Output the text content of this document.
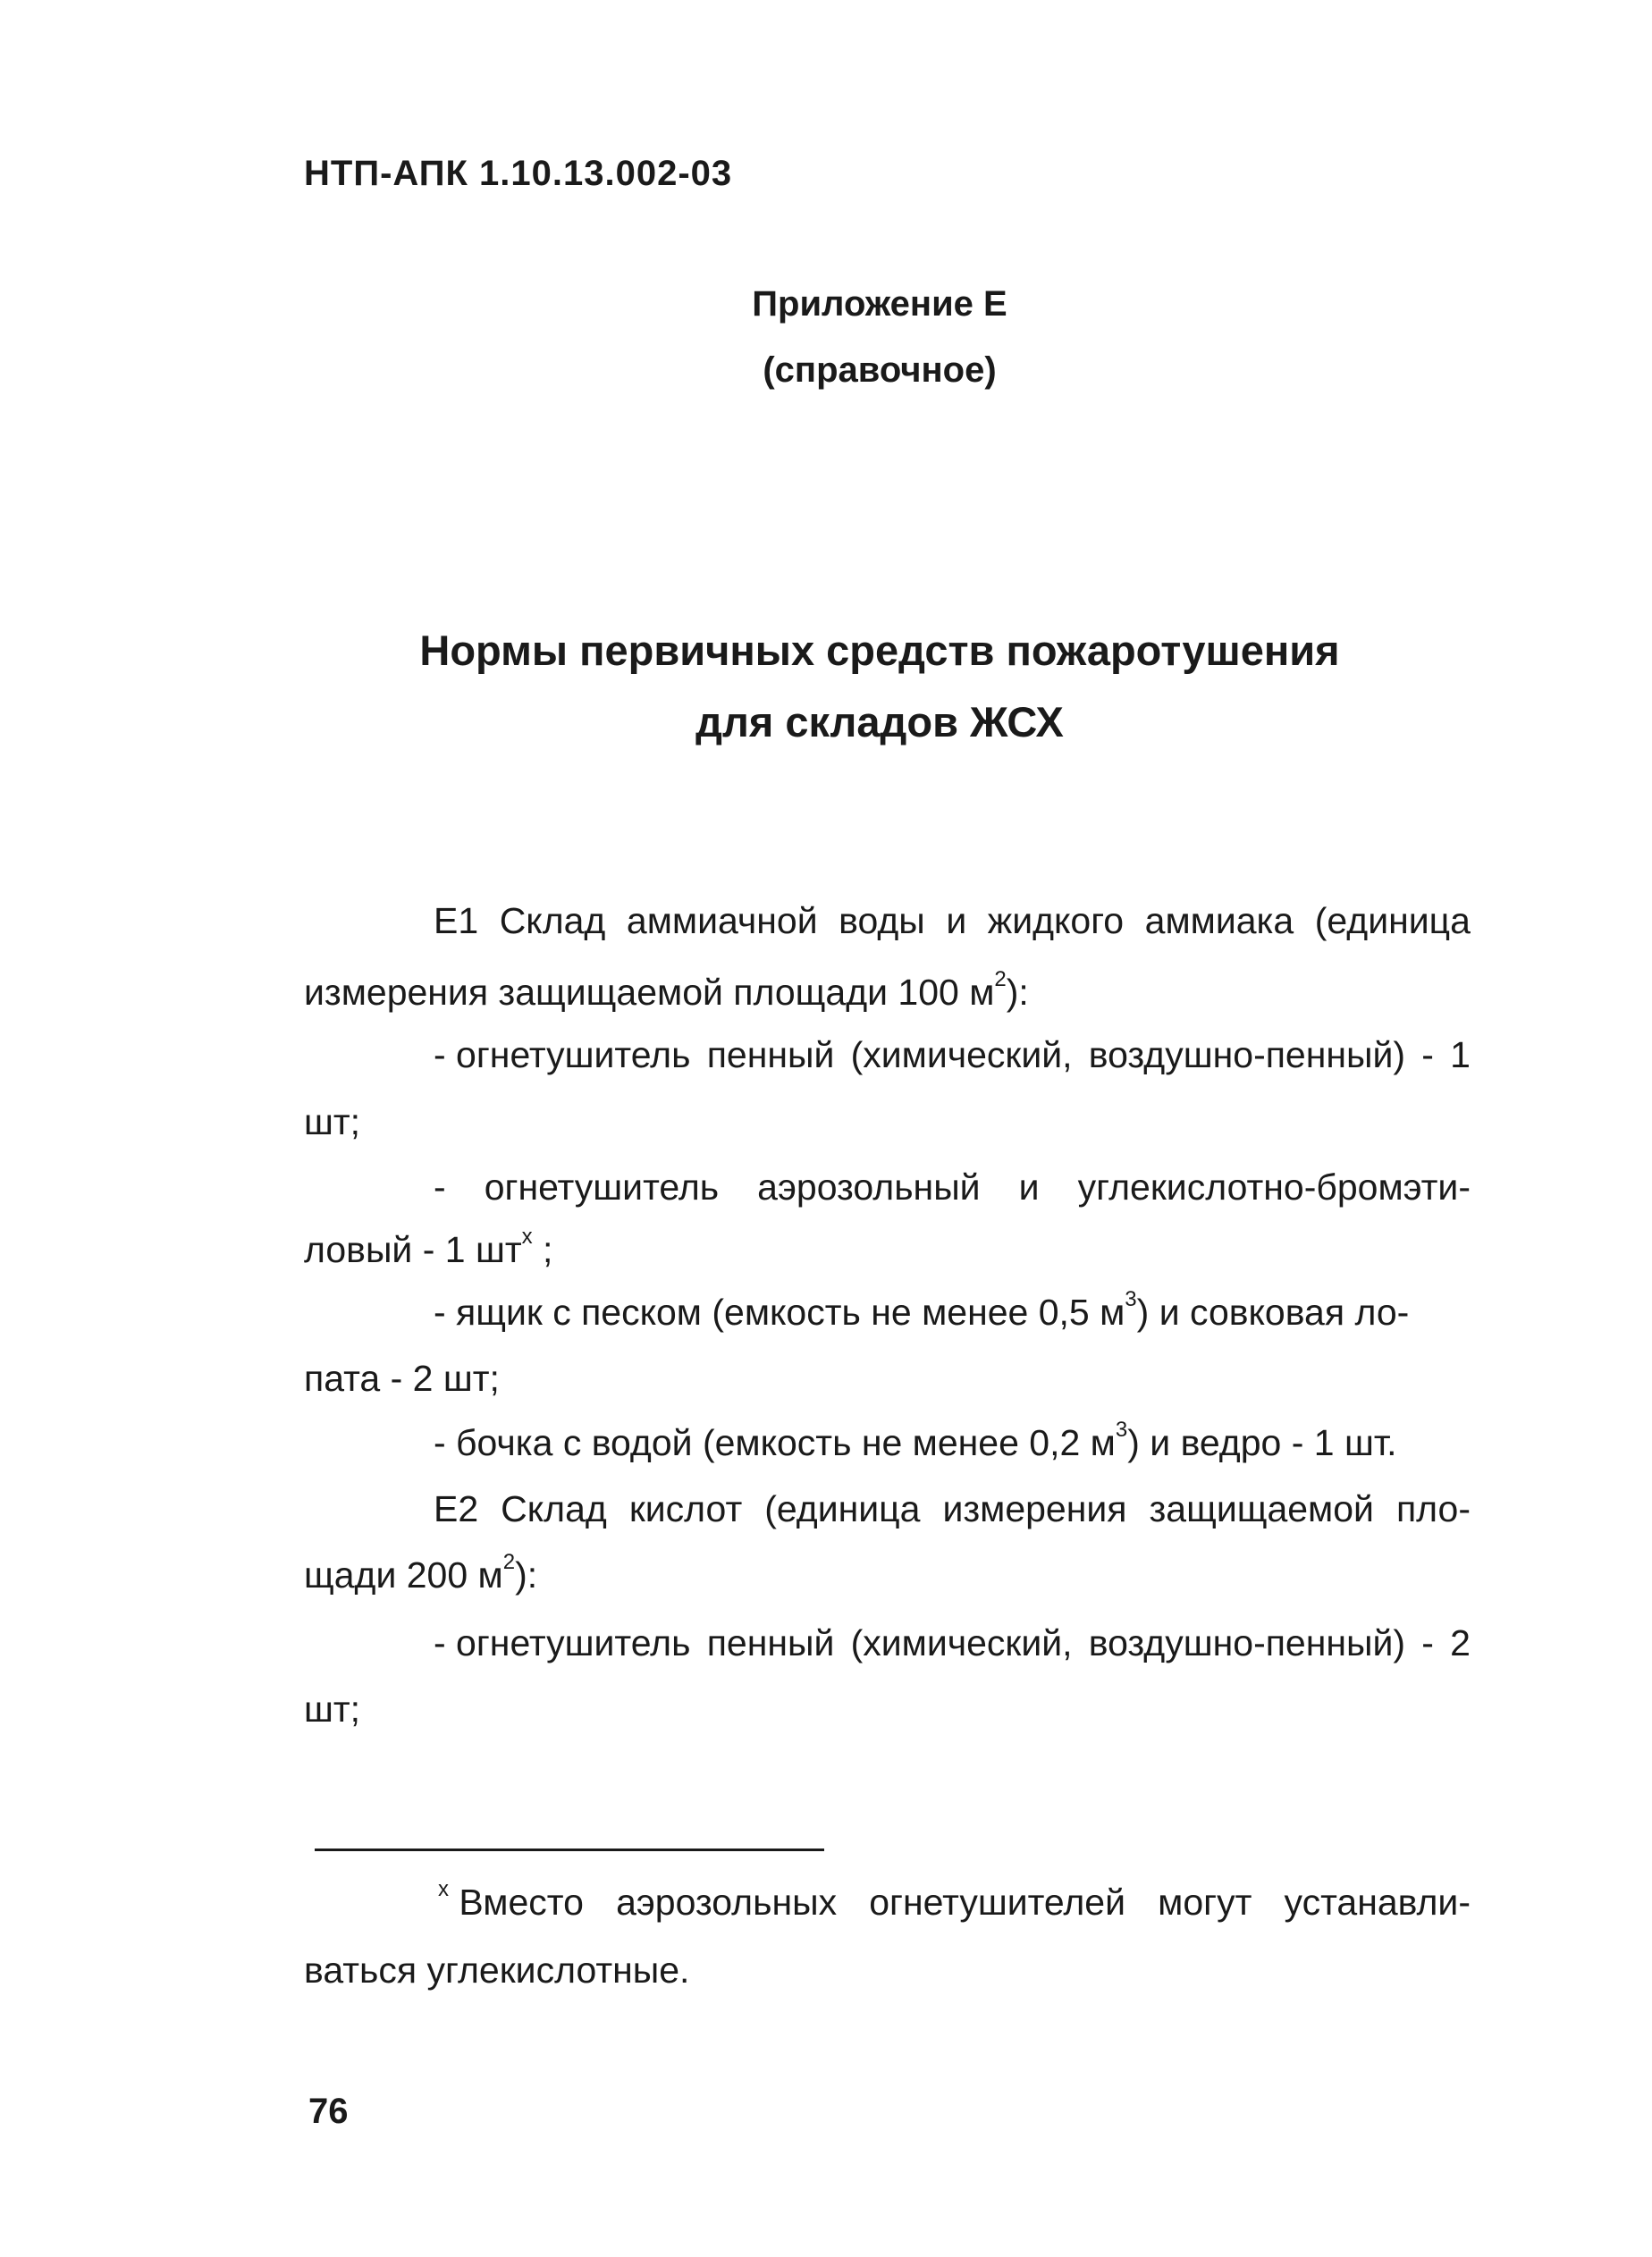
НТП-АПК 1.10.13.002-03
Приложение Е
(справочное)
Нормы первичных средств пожаротушения
для складов ЖСХ
Е1 Склад аммиачной воды и жидкого аммиака (единица
измерения защищаемой площади 100 $м^2$):
- огнетушитель пенный (химический, воздушно-пенный) - 1
шт;
- огнетушитель аэрозольный и углекислотно-бромэти-
ловый - 1 $шт^x$ ;
- ящик с песком (емкость не менее 0,5 $м^3$) и совковая ло-
пата - 2 шт;
- бочка с водой (емкость не менее 0,2 $м^3$) и ведро - 1 шт.
Е2 Склад кислот (единица измерения защищаемой пло-
щади 200 $м^2$):
- огнетушитель пенный (химический, воздушно-пенный) - 2
шт;
$^x$ Вместо аэрозольных огнетушителей могут устанавли-
ваться углекислотные.
76
